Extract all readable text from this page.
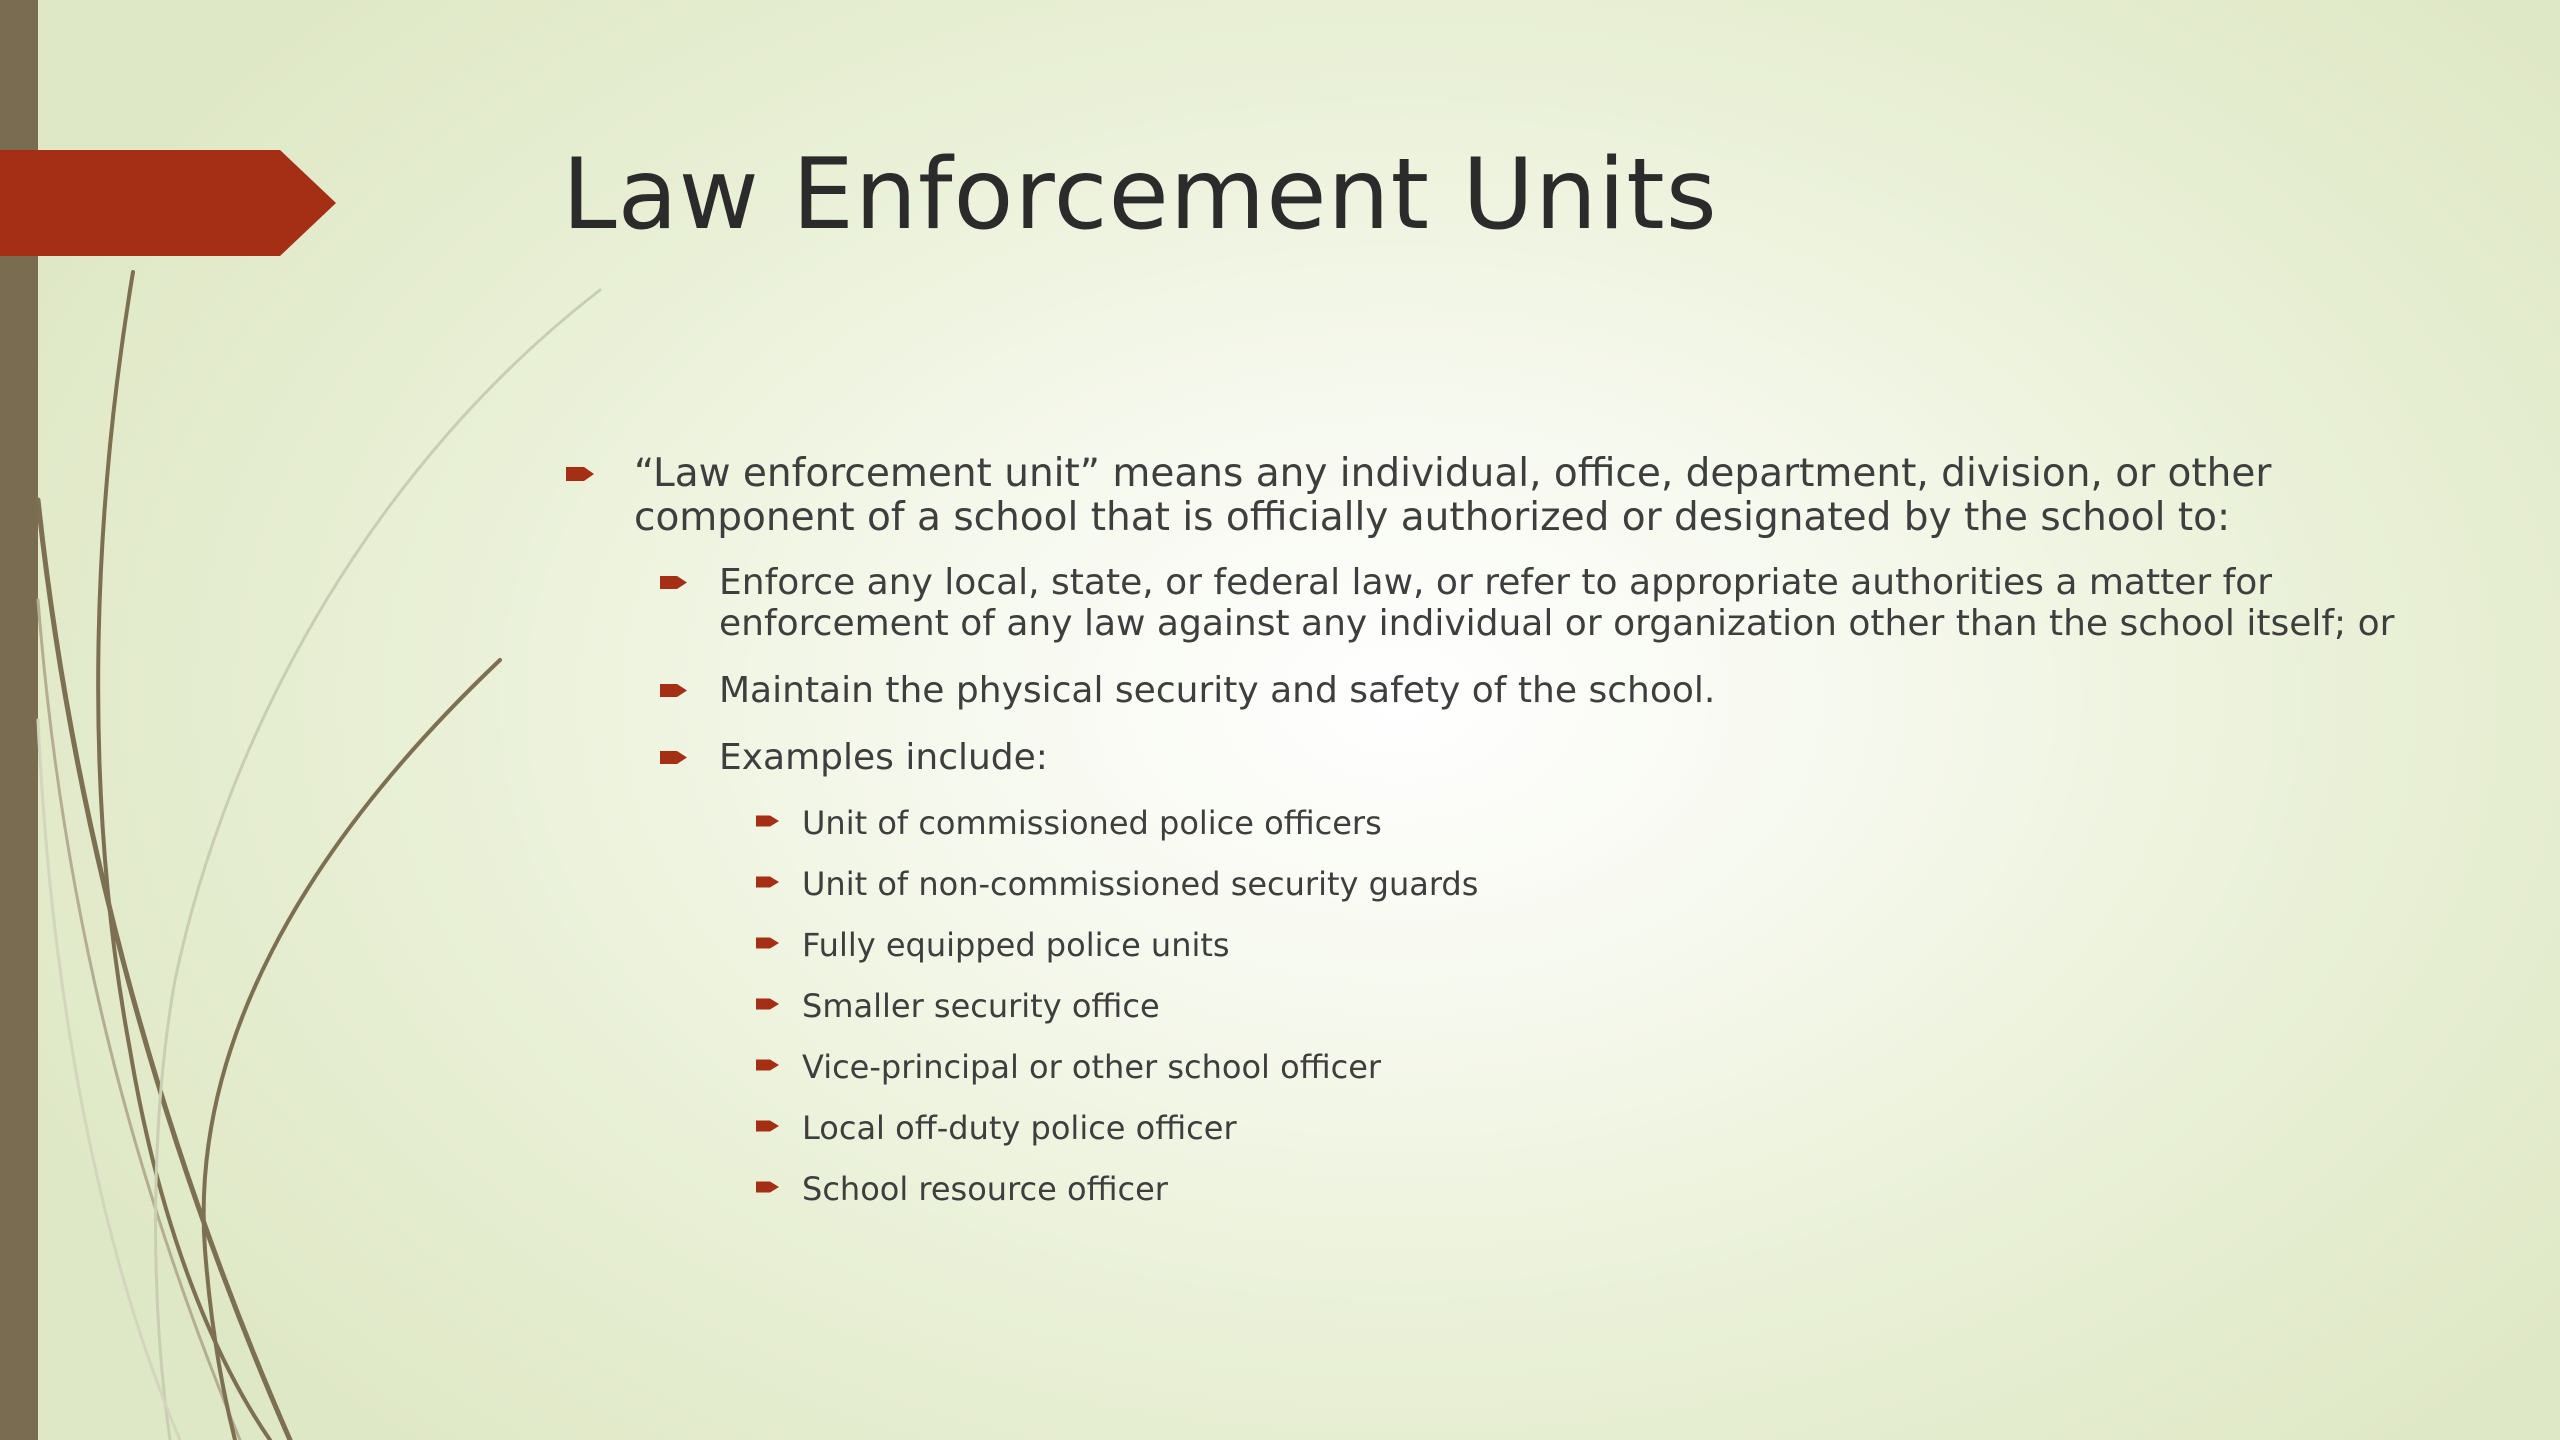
Law Enforcement Units
“Law enforcement unit” means any individual, office, department, division, or other component of a school that is officially authorized or designated by the school to:
Enforce any local, state, or federal law, or refer to appropriate authorities a matter for enforcement of any law against any individual or organization other than the school itself; or
Maintain the physical security and safety of the school.
Examples include:
Unit of commissioned police officers
Unit of non-commissioned security guards
Fully equipped police units
Smaller security office
Vice-principal or other school officer
Local off-duty police officer
School resource officer
